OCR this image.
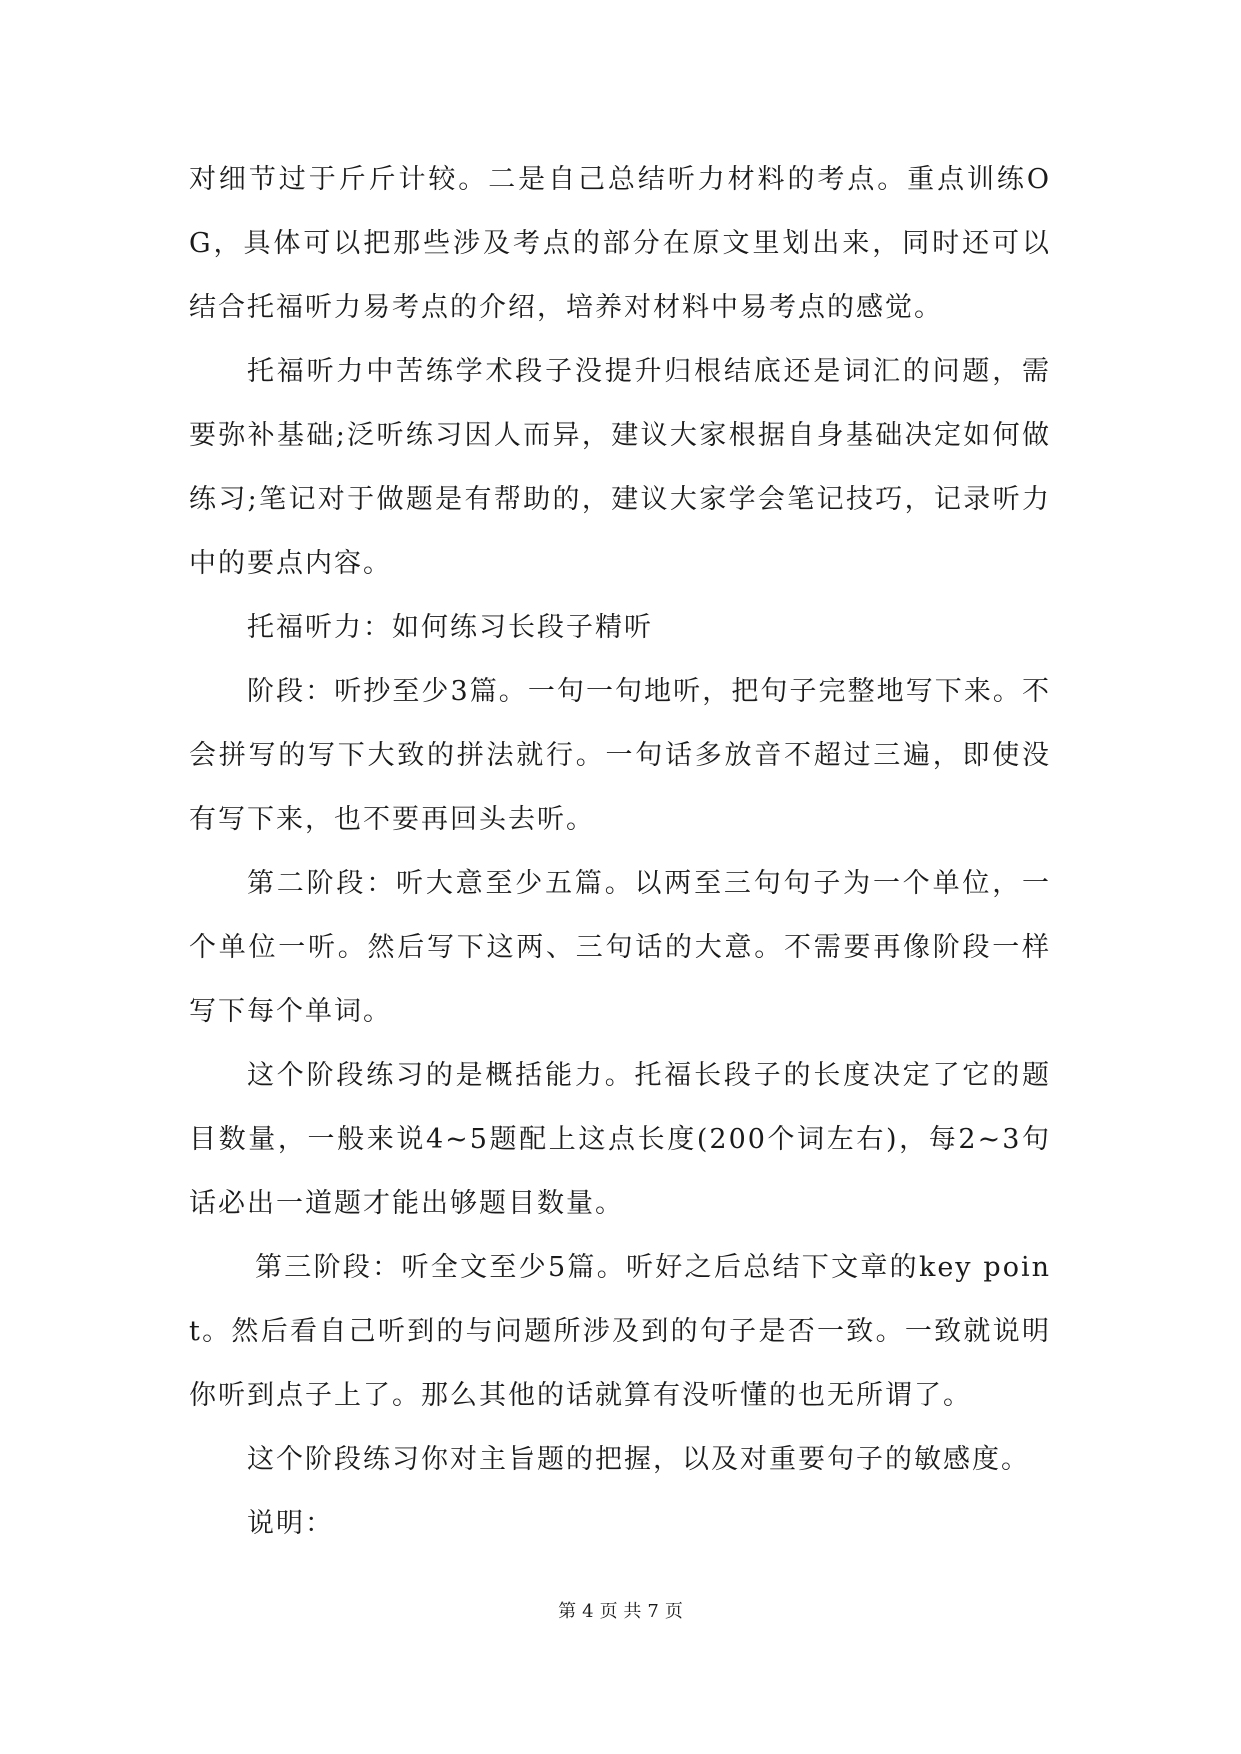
对细节过于斤斤计较。二是自己总结听力材料的考点。重点训练OG，具体可以把那些涉及考点的部分在原文里划出来，同时还可以结合托福听力易考点的介绍，培养对材料中易考点的感觉。

托福听力中苦练学术段子没提升归根结底还是词汇的问题，需要弥补基础;泛听练习因人而异，建议大家根据自身基础决定如何做练习;笔记对于做题是有帮助的，建议大家学会笔记技巧，记录听力中的要点内容。

托福听力：如何练习长段子精听

阶段：听抄至少3篇。一句一句地听，把句子完整地写下来。不会拼写的写下大致的拼法就行。一句话多放音不超过三遍，即使没有写下来，也不要再回头去听。

第二阶段：听大意至少五篇。以两至三句句子为一个单位，一个单位一听。然后写下这两、三句话的大意。不需要再像阶段一样写下每个单词。

这个阶段练习的是概括能力。托福长段子的长度决定了它的题目数量，一般来说4~5题配上这点长度(200个词左右)，每2~3句话必出一道题才能出够题目数量。

第三阶段：听全文至少5篇。听好之后总结下文章的key point。然后看自己听到的与问题所涉及到的句子是否一致。一致就说明你听到点子上了。那么其他的话就算有没听懂的也无所谓了。

这个阶段练习你对主旨题的把握，以及对重要句子的敏感度。

说明：

第 4 页 共 7 页
